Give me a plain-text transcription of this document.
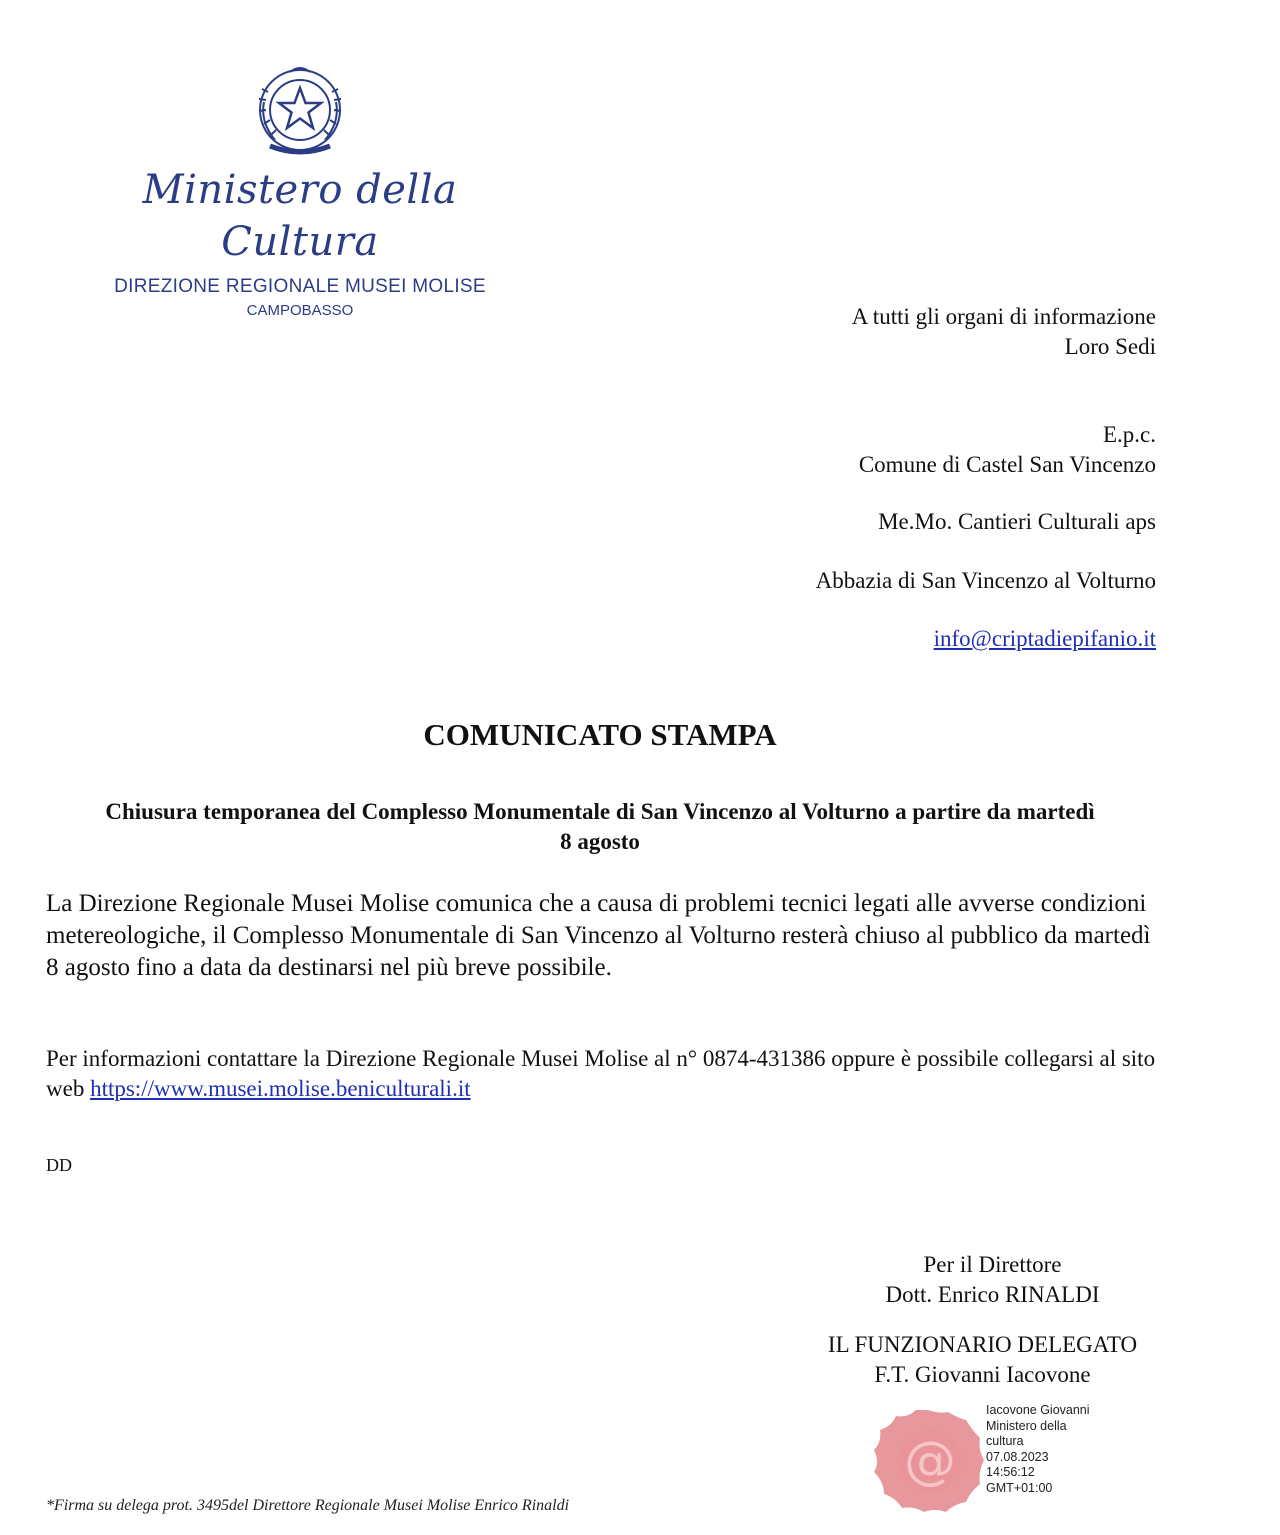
Ministero della Cultura
DIREZIONE REGIONALE MUSEI MOLISE
CAMPOBASSO	A tutti gli organi di informazione
Loro Sedi
E.p.c.
Comune di Castel San Vincenzo
Me.Mo. Cantieri Culturali aps
Abbazia di San Vincenzo al Volturno
info@criptadiepifanio.it
COMUNICATO STAMPA
Chiusura temporanea del Complesso Monumentale di San Vincenzo al Volturno a partire da martedì
8 agosto
La Direzione Regionale Musei Molise comunica che a causa di problemi tecnici legati alle avverse condizioni metereologiche, il Complesso Monumentale di San Vincenzo al Volturno resterà chiuso al pubblico da martedì 8 agosto fino a data da destinarsi nel più breve possibile.
Per informazioni contattare la Direzione Regionale Musei Molise al n° 0874-431386 oppure è possibile collegarsi al sito web https://www.musei.molise.beniculturali.it
DD
Per il Direttore
Dott. Enrico RINALDI
IL FUNZIONARIO DELEGATO
F.T. Giovanni Iacovone
@
Iacovone Giovanni
Ministero della
cultura
07.08.2023
14:56:12
GMT+01:00
*Firma su delega prot. 3495del Direttore Regionale Musei Molise Enrico Rinaldi
